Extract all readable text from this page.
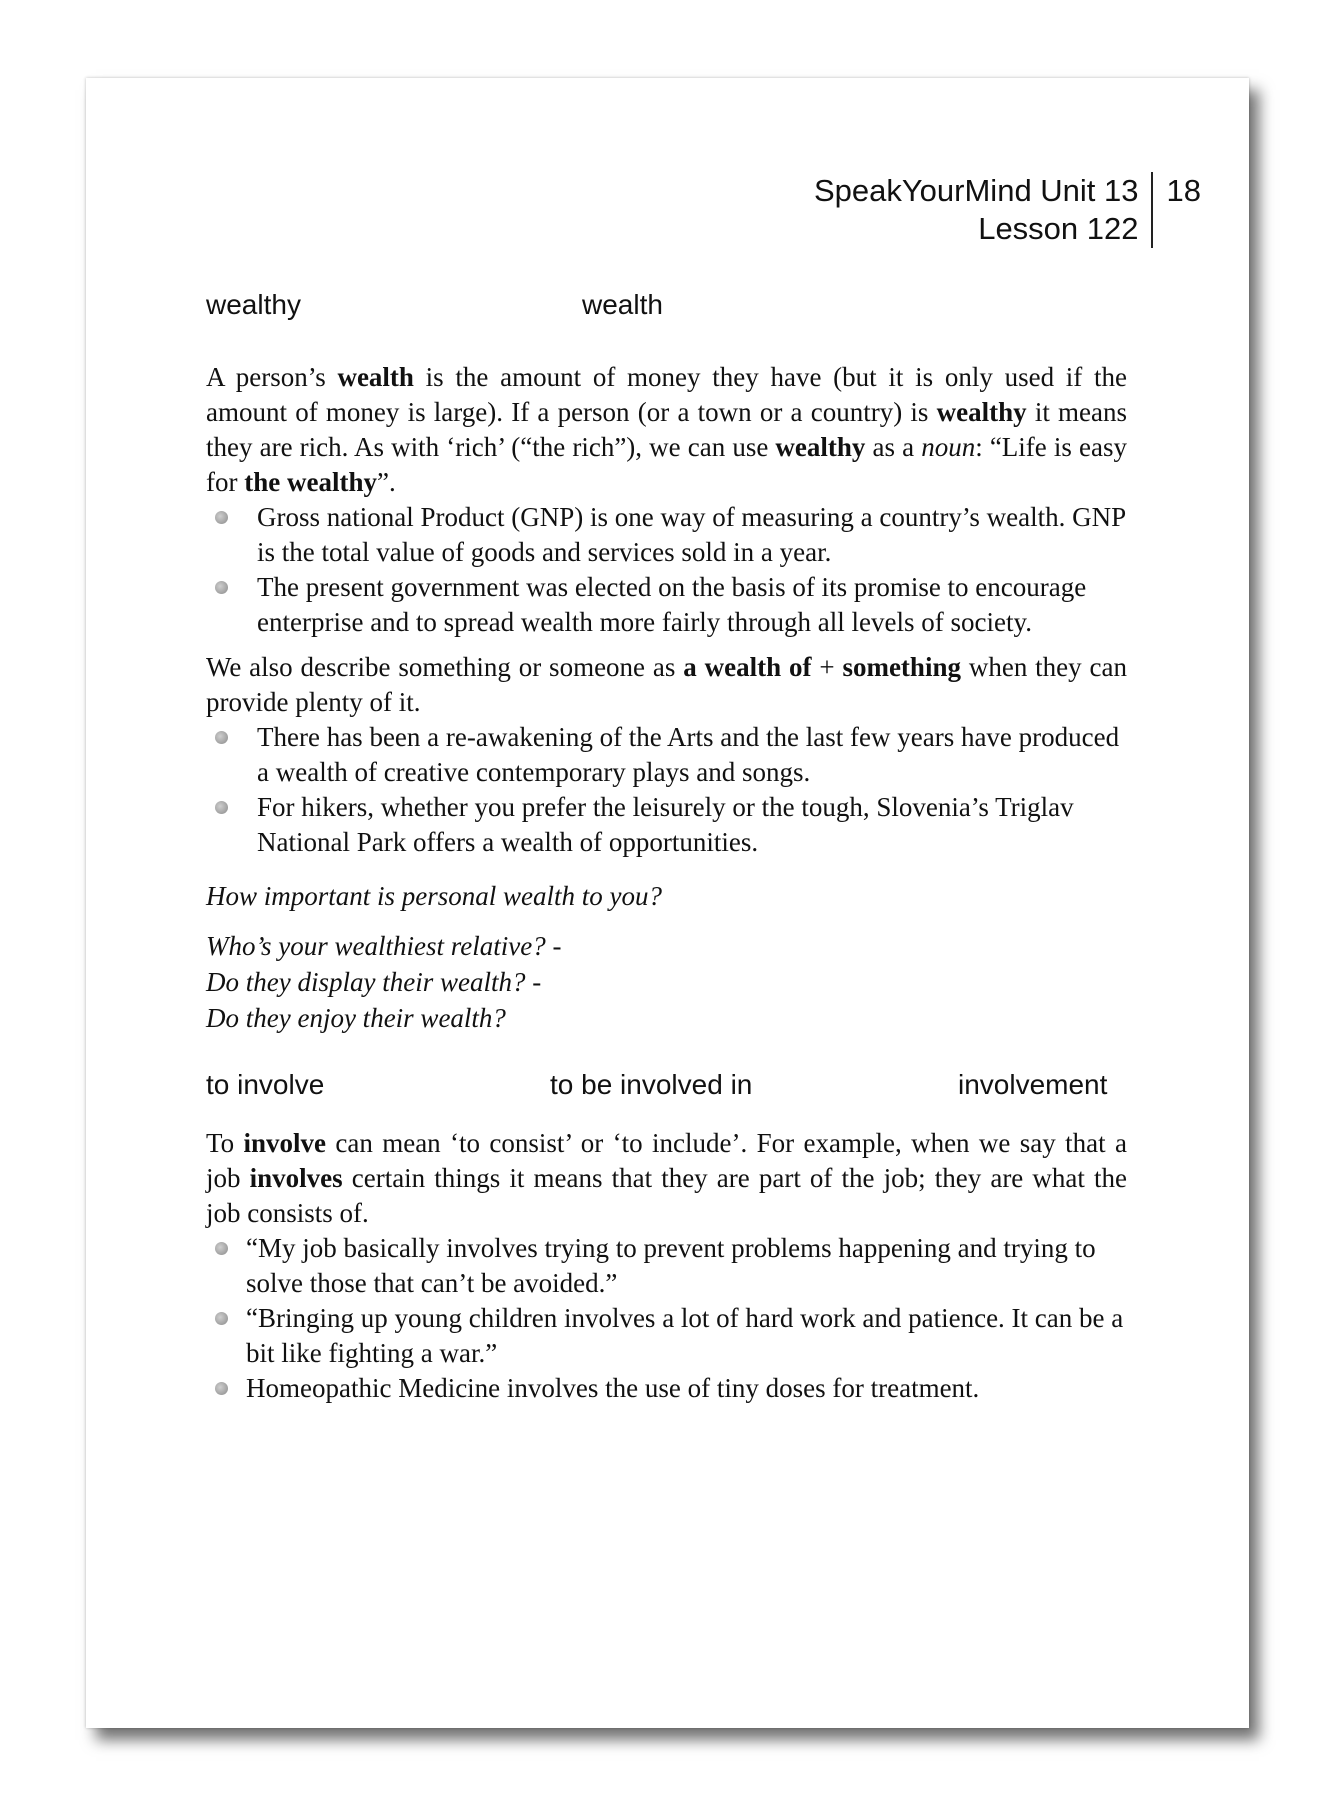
SpeakYourMind Unit 13
Lesson 122
18
wealthy	wealth

A person’s wealth is the amount of money they have (but it is only used if the amount of money is large). If a person (or a town or a country) is wealthy it means they are rich. As with ‘rich’ (“the rich”), we can use wealthy as a noun: “Life is easy for the wealthy”.

Gross national Product (GNP) is one way of measuring a country’s wealth. GNP is the total value of goods and services sold in a year.
The present government was elected on the basis of its promise to encourage enterprise and to spread wealth more fairly through all levels of society.

We also describe something or someone as a wealth of + something when they can provide plenty of it.

There has been a re-awakening of the Arts and the last few years have produced a wealth of creative contemporary plays and songs.
For hikers, whether you prefer the leisurely or the tough, Slovenia’s Triglav National Park offers a wealth of opportunities.

How important is personal wealth to you?

Who’s your wealthiest relative? -

Do they display their wealth? -

Do they enjoy their wealth?

to involve	to be involved in	involvement

To involve can mean ‘to consist’ or ‘to include’. For example, when we say that a job involves certain things it means that they are part of the job; they are what the job consists of.

“My job basically involves trying to prevent problems happening and trying to solve those that can’t be avoided.”
“Bringing up young children involves a lot of hard work and patience. It can be a bit like fighting a war.”
Homeopathic Medicine involves the use of tiny doses for treatment.
